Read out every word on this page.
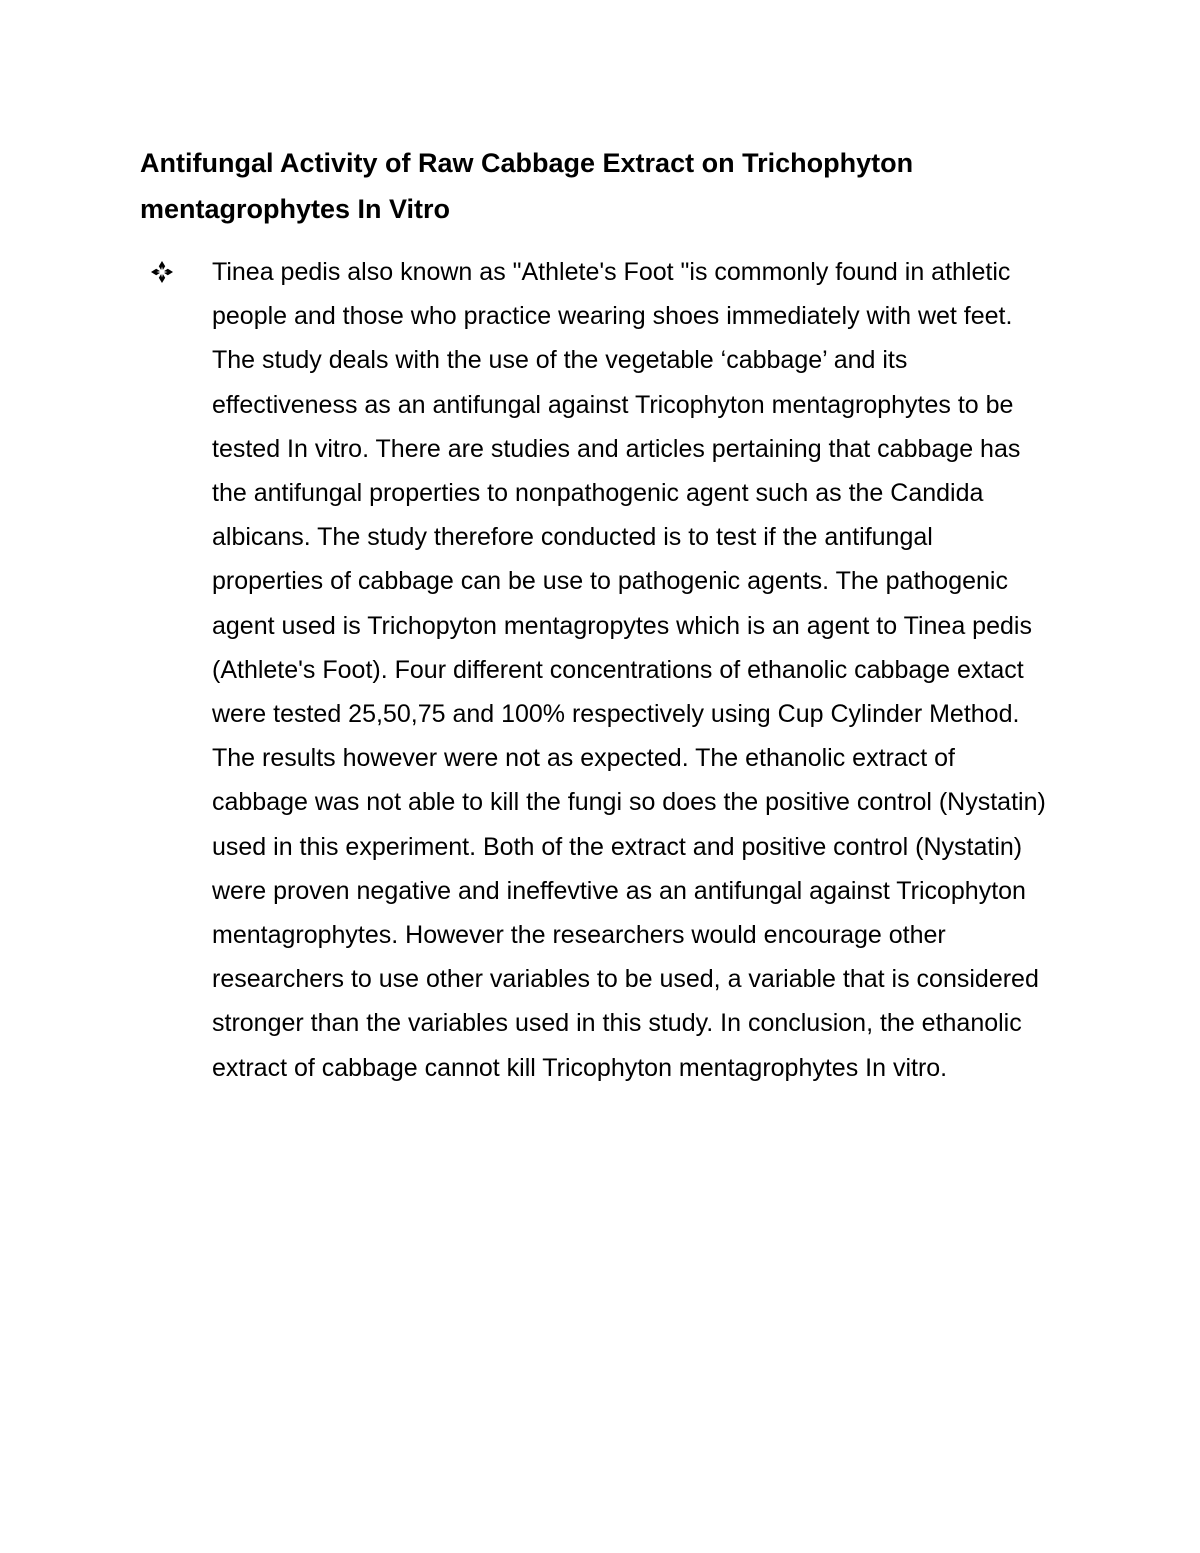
Antifungal Activity of Raw Cabbage Extract on Trichophyton mentagrophytes In Vitro

Tinea pedis also known as "Athlete's Foot "is commonly found in athletic people and those who practice wearing shoes immediately with wet feet. The study deals with the use of the vegetable ‘cabbage’ and its effectiveness as an antifungal against Tricophyton mentagrophytes to be tested In vitro. There are studies and articles pertaining that cabbage has the antifungal properties to nonpathogenic agent such as the Candida albicans. The study therefore conducted is to test if the antifungal properties of cabbage can be use to pathogenic agents. The pathogenic agent used is Trichopyton mentagropytes which is an agent to Tinea pedis (Athlete's Foot). Four different concentrations of ethanolic cabbage extact were tested 25,50,75 and 100% respectively using Cup Cylinder Method. The results however were not as expected. The ethanolic extract of cabbage was not able to kill the fungi so does the positive control (Nystatin) used in this experiment. Both of the extract and positive control (Nystatin) were proven negative and ineffevtive as an antifungal against Tricophyton mentagrophytes. However the researchers would encourage other researchers to use other variables to be used, a variable that is considered stronger than the variables used in this study. In conclusion, the ethanolic extract of cabbage cannot kill Tricophyton mentagrophytes In vitro.
